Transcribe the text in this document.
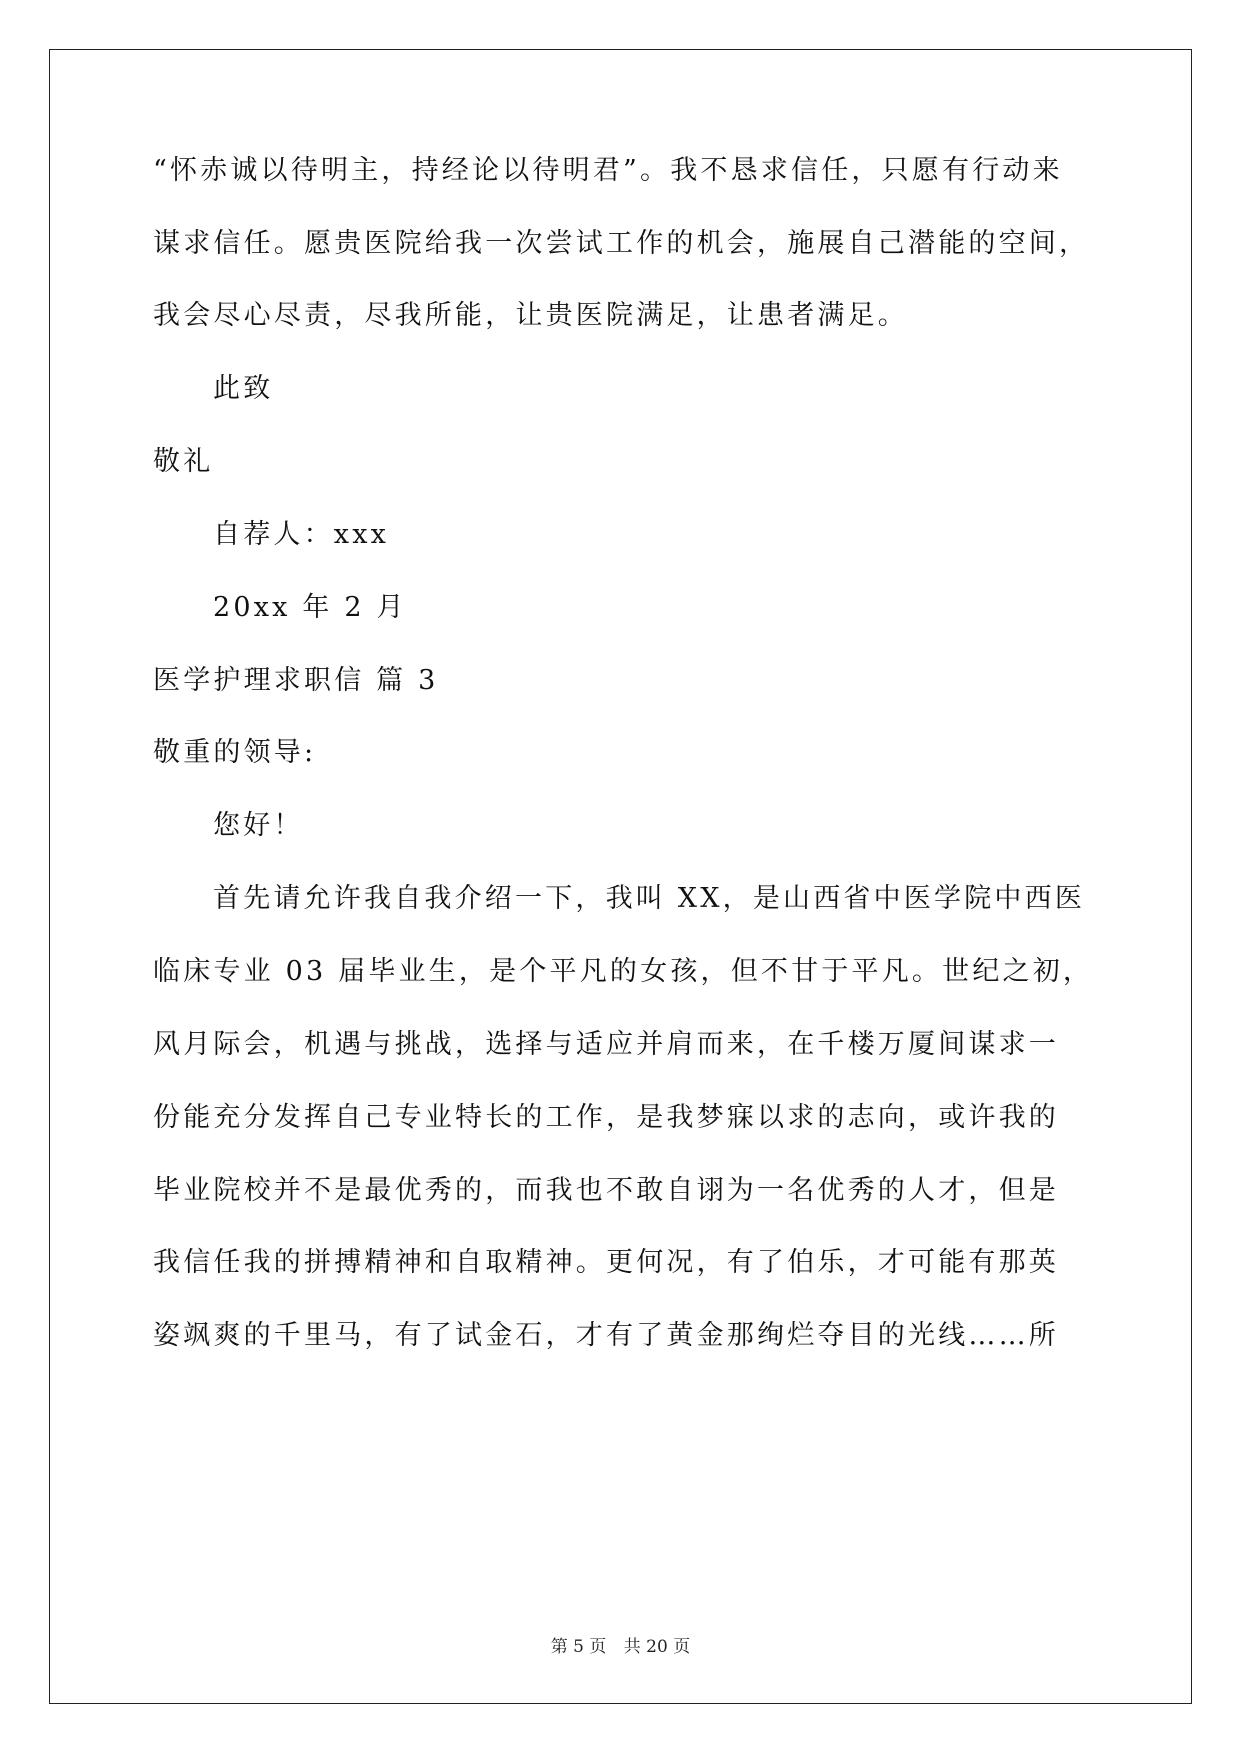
“怀赤诚以待明主，持经论以待明君”。我不恳求信任，只愿有行动来
谋求信任。愿贵医院给我一次尝试工作的机会，施展自己潜能的空间，
我会尽心尽责，尽我所能，让贵医院满足，让患者满足。
此致
敬礼
自荐人：xxx
20xx 年 2 月
医学护理求职信 篇 3
敬重的领导:
您好！
首先请允许我自我介绍一下，我叫 XX，是山西省中医学院中西医
临床专业 03 届毕业生，是个平凡的女孩，但不甘于平凡。世纪之初，
风月际会，机遇与挑战，选择与适应并肩而来，在千楼万厦间谋求一
份能充分发挥自己专业特长的工作，是我梦寐以求的志向，或许我的
毕业院校并不是最优秀的，而我也不敢自诩为一名优秀的人才，但是
我信任我的拼搏精神和自取精神。更何况，有了伯乐，才可能有那英
姿飒爽的千里马，有了试金石，才有了黄金那绚烂夺目的光线……所
第 5 页 共 20 页
